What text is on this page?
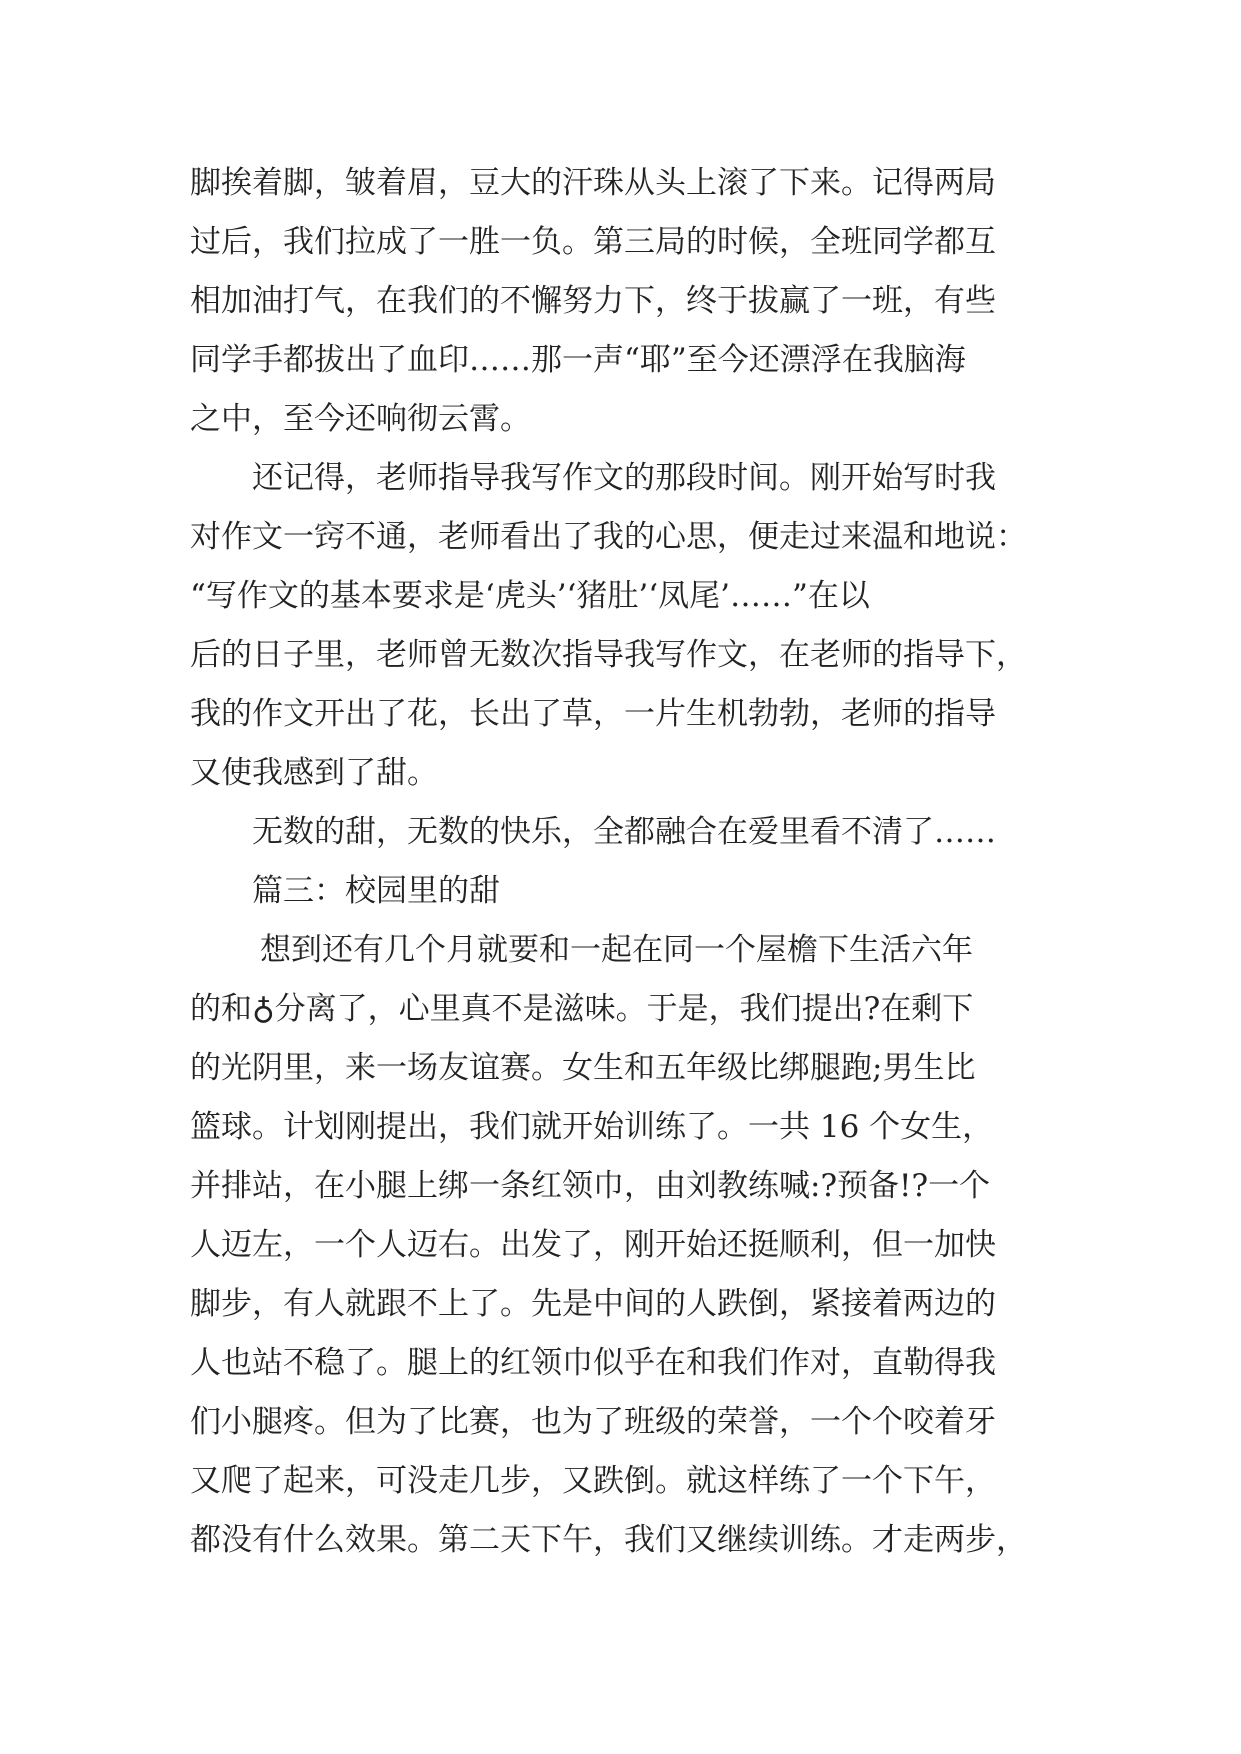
脚挨着脚，皱着眉，豆大的汗珠从头上滚了下来。记得两局
过后，我们拉成了一胜一负。第三局的时候，全班同学都互
相加油打气，在我们的不懈努力下，终于拔赢了一班，有些
同学手都拔出了血印……那一声“耶”至今还漂浮在我脑海
之中，至今还响彻云霄。
还记得，老师指导我写作文的那段时间。刚开始写时我
对作文一窍不通，老师看出了我的心思，便走过来温和地说：
“写作文的基本要求是‘虎头’‘猪肚’‘凤尾’……”在以
后的日子里，老师曾无数次指导我写作文，在老师的指导下，
我的作文开出了花，长出了草，一片生机勃勃，老师的指导
又使我感到了甜。
无数的甜，无数的快乐，全都融合在爱里看不清了……
篇三：校园里的甜
想到还有几个月就要和一起在同一个屋檐下生活六年
的和♁分离了，心里真不是滋味。于是，我们提出?在剩下
的光阴里，来一场友谊赛。女生和五年级比绑腿跑;男生比
篮球。计划刚提出，我们就开始训练了。一共 16 个女生，
并排站，在小腿上绑一条红领巾，由刘教练喊:?预备!?一个
人迈左，一个人迈右。出发了，刚开始还挺顺利，但一加快
脚步，有人就跟不上了。先是中间的人跌倒，紧接着两边的
人也站不稳了。腿上的红领巾似乎在和我们作对，直勒得我
们小腿疼。但为了比赛，也为了班级的荣誉，一个个咬着牙
又爬了起来，可没走几步，又跌倒。就这样练了一个下午，
都没有什么效果。第二天下午，我们又继续训练。才走两步，
